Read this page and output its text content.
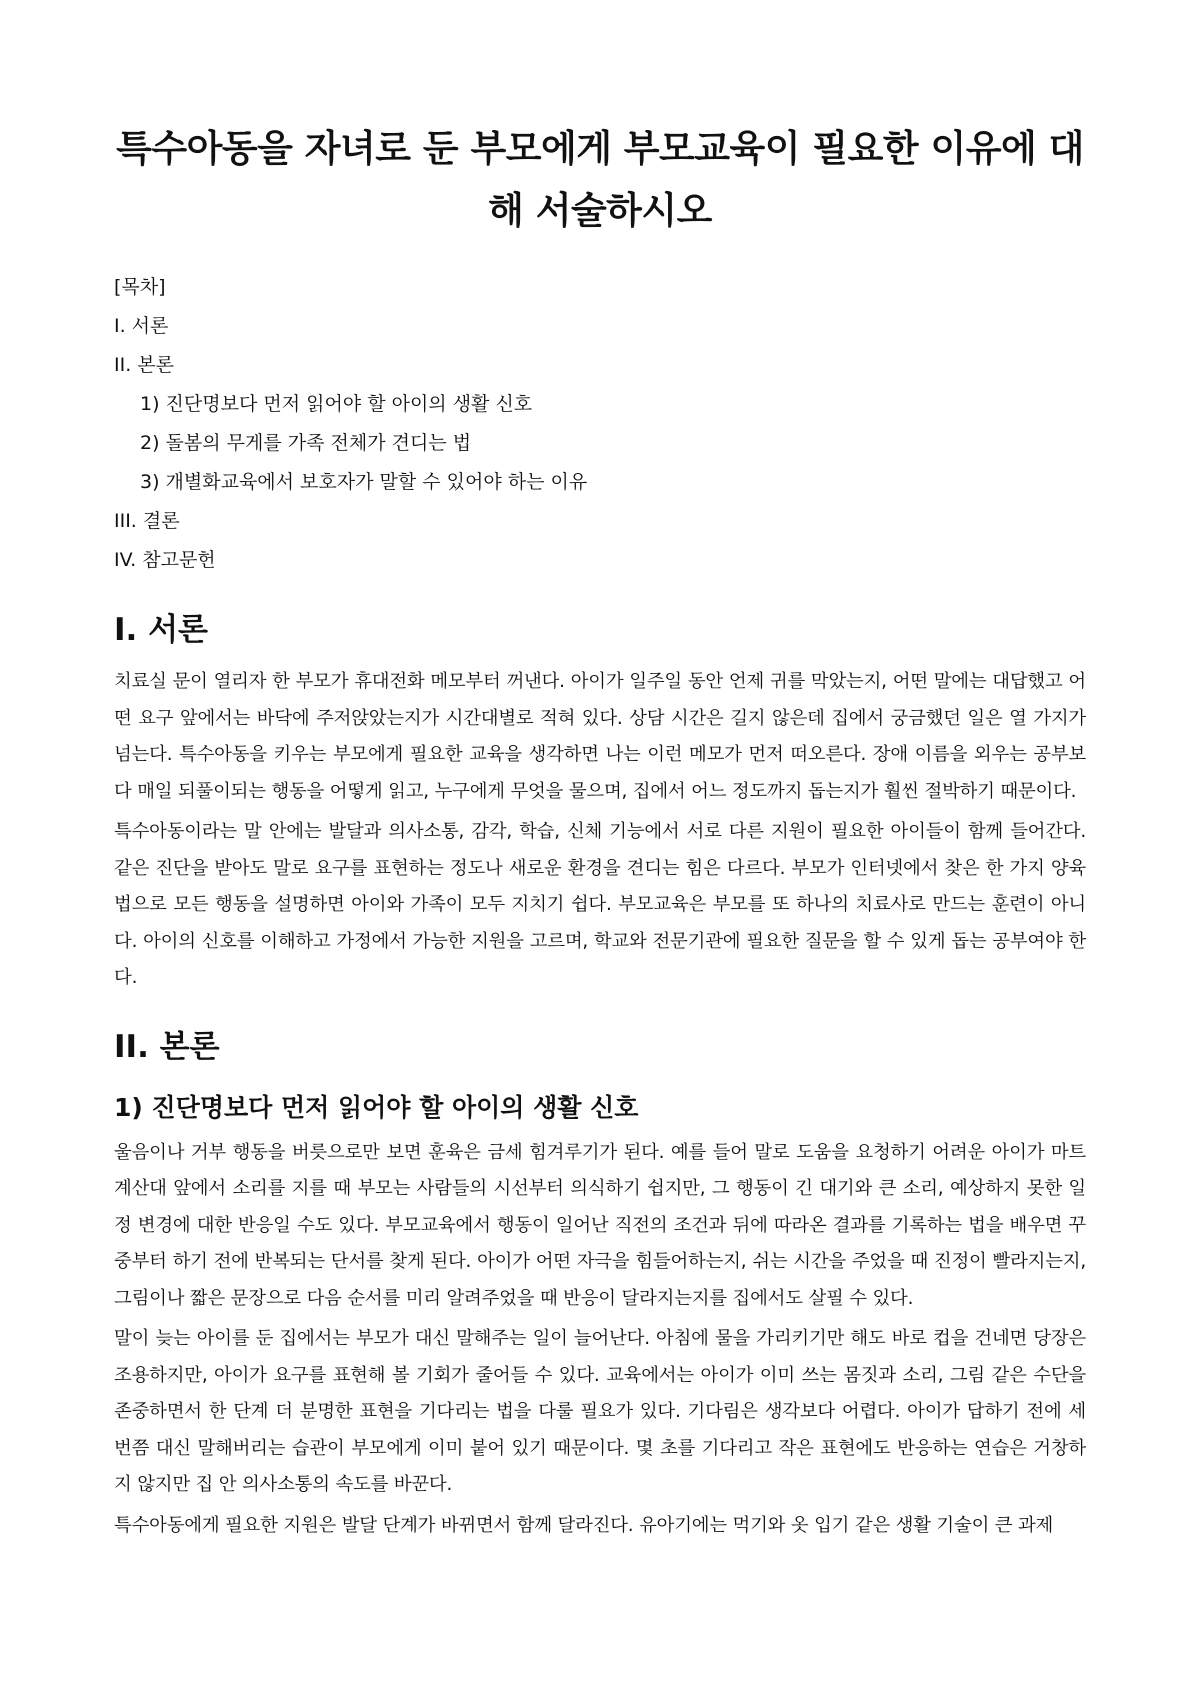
특수아동을 자녀로 둔 부모에게 부모교육이 필요한 이유에 대해 서술하시오
[목차]
I. 서론
II. 본론
1) 진단명보다 먼저 읽어야 할 아이의 생활 신호
2) 돌봄의 무게를 가족 전체가 견디는 법
3) 개별화교육에서 보호자가 말할 수 있어야 하는 이유
III. 결론
IV. 참고문헌
I. 서론

치료실 문이 열리자 한 부모가 휴대전화 메모부터 꺼낸다. 아이가 일주일 동안 언제 귀를 막았는지, 어떤 말에는 대답했고 어떤 요구 앞에서는 바닥에 주저앉았는지가 시간대별로 적혀 있다. 상담 시간은 길지 않은데 집에서 궁금했던 일은 열 가지가 넘는다. 특수아동을 키우는 부모에게 필요한 교육을 생각하면 나는 이런 메모가 먼저 떠오른다. 장애 이름을 외우는 공부보다 매일 되풀이되는 행동을 어떻게 읽고, 누구에게 무엇을 물으며, 집에서 어느 정도까지 돕는지가 훨씬 절박하기 때문이다.

특수아동이라는 말 안에는 발달과 의사소통, 감각, 학습, 신체 기능에서 서로 다른 지원이 필요한 아이들이 함께 들어간다. 같은 진단을 받아도 말로 요구를 표현하는 정도나 새로운 환경을 견디는 힘은 다르다. 부모가 인터넷에서 찾은 한 가지 양육법으로 모든 행동을 설명하면 아이와 가족이 모두 지치기 쉽다. 부모교육은 부모를 또 하나의 치료사로 만드는 훈련이 아니다. 아이의 신호를 이해하고 가정에서 가능한 지원을 고르며, 학교와 전문기관에 필요한 질문을 할 수 있게 돕는 공부여야 한다.

II. 본론
1) 진단명보다 먼저 읽어야 할 아이의 생활 신호

울음이나 거부 행동을 버릇으로만 보면 훈육은 금세 힘겨루기가 된다. 예를 들어 말로 도움을 요청하기 어려운 아이가 마트 계산대 앞에서 소리를 지를 때 부모는 사람들의 시선부터 의식하기 쉽지만, 그 행동이 긴 대기와 큰 소리, 예상하지 못한 일정 변경에 대한 반응일 수도 있다. 부모교육에서 행동이 일어난 직전의 조건과 뒤에 따라온 결과를 기록하는 법을 배우면 꾸중부터 하기 전에 반복되는 단서를 찾게 된다. 아이가 어떤 자극을 힘들어하는지, 쉬는 시간을 주었을 때 진정이 빨라지는지, 그림이나 짧은 문장으로 다음 순서를 미리 알려주었을 때 반응이 달라지는지를 집에서도 살필 수 있다.

말이 늦는 아이를 둔 집에서는 부모가 대신 말해주는 일이 늘어난다. 아침에 물을 가리키기만 해도 바로 컵을 건네면 당장은 조용하지만, 아이가 요구를 표현해 볼 기회가 줄어들 수 있다. 교육에서는 아이가 이미 쓰는 몸짓과 소리, 그림 같은 수단을 존중하면서 한 단계 더 분명한 표현을 기다리는 법을 다룰 필요가 있다. 기다림은 생각보다 어렵다. 아이가 답하기 전에 세 번쯤 대신 말해버리는 습관이 부모에게 이미 붙어 있기 때문이다. 몇 초를 기다리고 작은 표현에도 반응하는 연습은 거창하지 않지만 집 안 의사소통의 속도를 바꾼다.

특수아동에게 필요한 지원은 발달 단계가 바뀌면서 함께 달라진다. 유아기에는 먹기와 옷 입기 같은 생활 기술이 큰 과제
